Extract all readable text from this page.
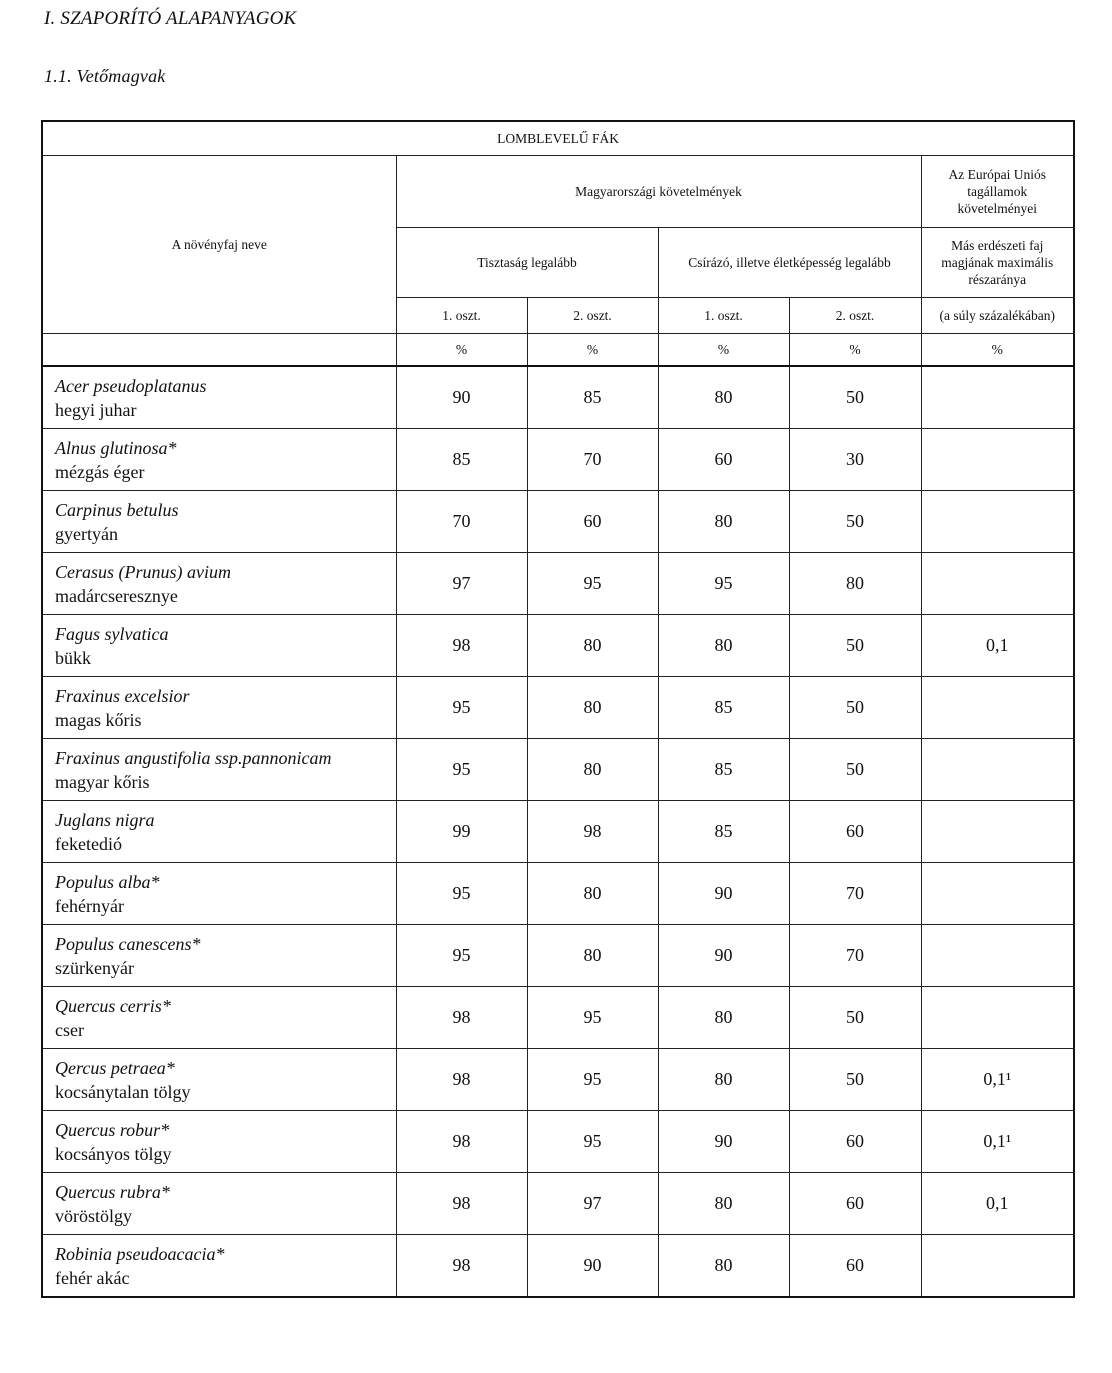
I. SZAPORÍTÓ ALAPANYAGOK
1.1. Vetőmagvak
LOMBLEVELŰ FÁK					
A növényfaj neve	Magyarországi követelmények				Az Európai Uniós tagállamok követelményei
	Tisztaság legalább		Csírázó, illetve életképesség legalább		Más erdészeti faj magjának maximális részaránya
	1. oszt.	2. oszt.	1. oszt.	2. oszt.	(a súly százalékában)
	%	%	%	%	%

Acer pseudoplatanus
hegyi juhar	90	85	80	50	

Alnus glutinosa*
mézgás éger	85	70	60	30	

Carpinus betulus
gyertyán	70	60	80	50	

Cerasus (Prunus) avium
madárcseresznye	97	95	95	80	

Fagus sylvatica
bükk	98	80	80	50	0,1

Fraxinus excelsior
magas kőris	95	80	85	50	

Fraxinus angustifolia ssp.pannonicam
magyar kőris	95	80	85	50	

Juglans nigra
feketedió	99	98	85	60	

Populus alba*
fehérnyár	95	80	90	70	

Populus canescens*
szürkenyár	95	80	90	70	

Quercus cerris*
cser	98	95	80	50	

Qercus petraea*
kocsánytalan tölgy	98	95	80	50	0,1¹

Quercus robur*
kocsányos tölgy	98	95	90	60	0,1¹

Quercus rubra*
vöröstölgy	98	97	80	60	0,1

Robinia pseudoacacia*
fehér akác	98	90	80	60	
